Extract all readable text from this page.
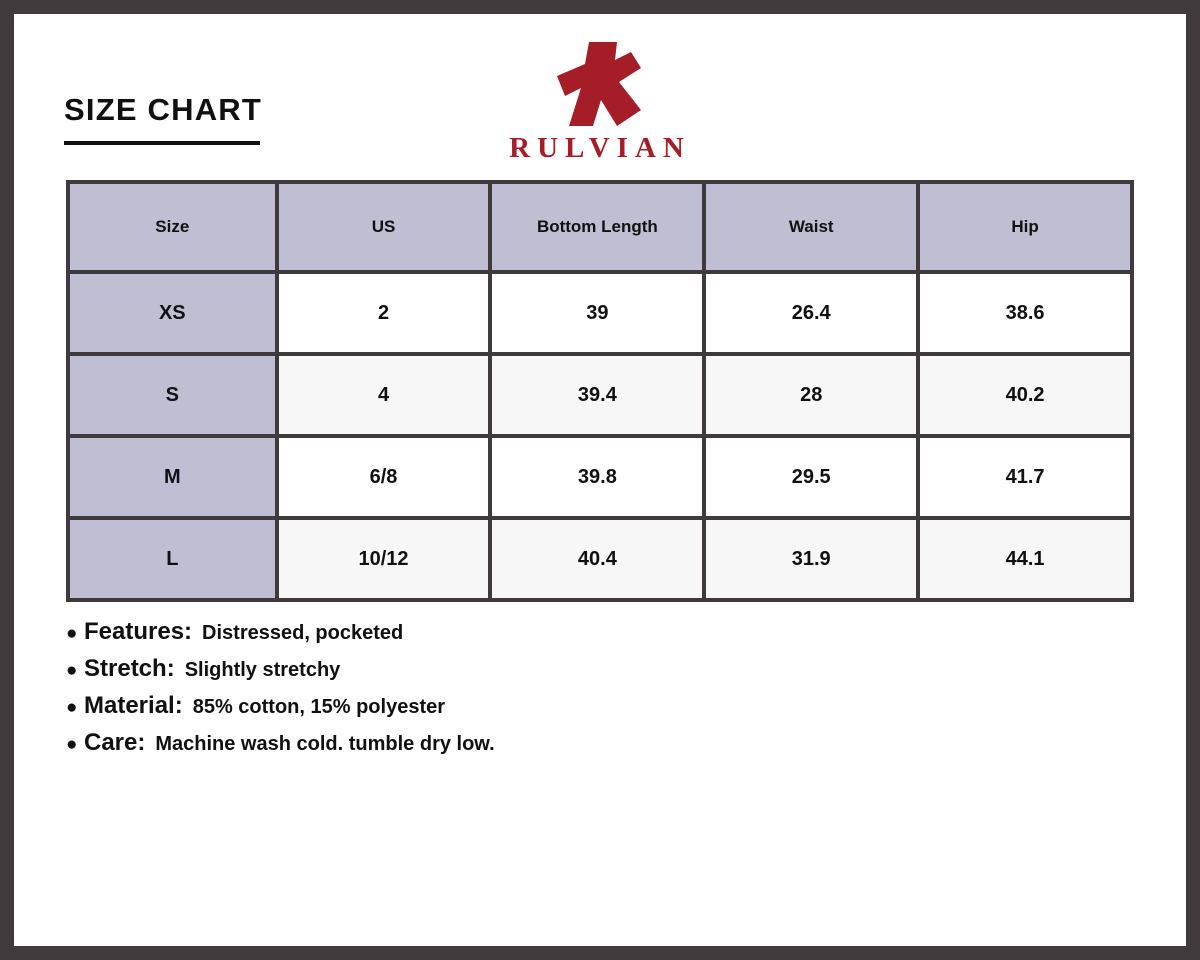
SIZE CHART
RULVIAN
Size	US	Bottom Length	Waist	Hip
XS	2	39	26.4	38.6
S	4	39.4	28	40.2
M	6/8	39.8	29.5	41.7
L	10/12	40.4	31.9	44.1
● Features: Distressed, pocketed
● Stretch: Slightly stretchy
● Material: 85% cotton, 15% polyester
● Care: Machine wash cold. tumble dry low.
